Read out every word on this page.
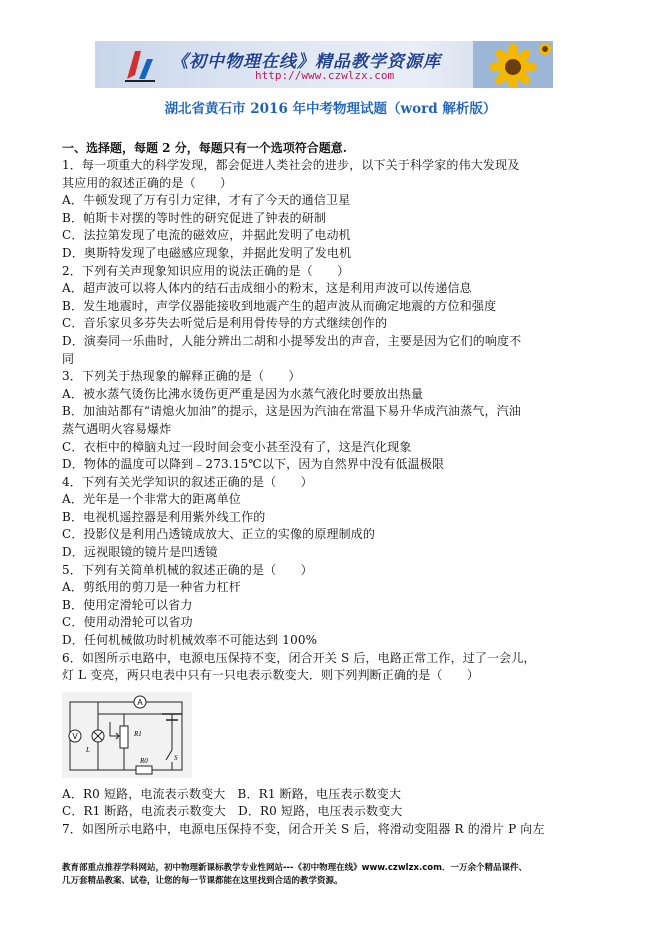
《初中物理在线》精品教学资源库
http://www.czwlzx.com
湖北省黄石市 2016 年中考物理试题（word 解析版）
一、选择题，每题 2 分，每题只有一个选项符合题意.
1．每一项重大的科学发现，都会促进人类社会的进步，以下关于科学家的伟大发现及
其应用的叙述正确的是（　　）
A．牛顿发现了万有引力定律，才有了今天的通信卫星
B．帕斯卡对摆的等时性的研究促进了钟表的研制
C．法拉第发现了电流的磁效应，并据此发明了电动机
D．奥斯特发现了电磁感应现象，并据此发明了发电机
2．下列有关声现象知识应用的说法正确的是（　　）
A．超声波可以将人体内的结石击成细小的粉末，这是利用声波可以传递信息
B．发生地震时，声学仪器能接收到地震产生的超声波从而确定地震的方位和强度
C．音乐家贝多芬失去听觉后是利用骨传导的方式继续创作的
D．演奏同一乐曲时，人能分辨出二胡和小提琴发出的声音，主要是因为它们的响度不
同
3．下列关于热现象的解释正确的是（　　）
A．被水蒸气烫伤比沸水烫伤更严重是因为水蒸气液化时要放出热量
B．加油站都有“请熄火加油”的提示，这是因为汽油在常温下易升华成汽油蒸气，汽油
蒸气遇明火容易爆炸
C．衣柜中的樟脑丸过一段时间会变小甚至没有了，这是汽化现象
D．物体的温度可以降到﹣273.15℃以下，因为自然界中没有低温极限
4．下列有关光学知识的叙述正确的是（　　）
A．光年是一个非常大的距离单位
B．电视机遥控器是利用紫外线工作的
C．投影仪是利用凸透镜成放大、正立的实像的原理制成的
D．远视眼镜的镜片是凹透镜
5．下列有关简单机械的叙述正确的是（　　）
A．剪纸用的剪刀是一种省力杠杆
B．使用定滑轮可以省力
C．使用动滑轮可以省功
D．任何机械做功时机械效率不可能达到 100%
6．如图所示电路中，电源电压保持不变，闭合开关 S 后，电路正常工作，过了一会儿，
灯 L 变亮，两只电表中只有一只电表示数变大．则下列判断正确的是（　　）
V
L
A
R1
S
R0
A．R0 短路，电流表示数变大　B．R1 断路，电压表示数变大
C．R1 断路，电流表示数变大　D．R0 短路，电压表示数变大
7．如图所示电路中，电源电压保持不变，闭合开关 S 后，将滑动变阻器 R 的滑片 P 向左
教育部重点推荐学科网站，初中物理新课标教学专业性网站---《初中物理在线》www.czwlzx.com．一万余个精品课件、
几万套精品教案、试卷，让您的每一节课都能在这里找到合适的教学资源。
